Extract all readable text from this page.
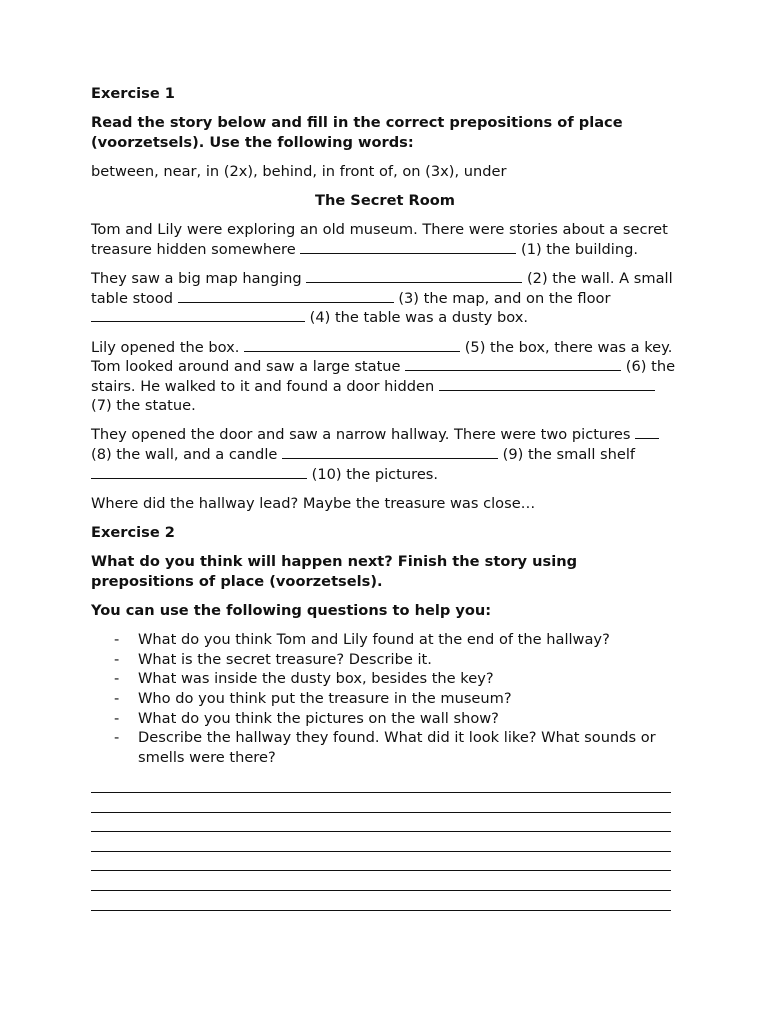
Exercise 1

Read the story below and fill in the correct prepositions of place (voorzetsels). Use the following words:

between, near, in (2x), behind, in front of, on (3x), under

The Secret Room

Tom and Lily were exploring an old museum. There were stories about a secret treasure hidden somewhere	(1) the building.

They saw a big map hanging	(2) the wall. A small table stood	(3) the map, and on the floor (4) the table was a dusty box.

Lily opened the box.	(5) the box, there was a key. Tom looked around and saw a large statue	(6) the stairs. He walked to it and found a door hidden  (7) the statue.

They opened the door and saw a narrow hallway. There were two pictures  (8) the wall, and a candle	(9) the small shelf  (10) the pictures.

Where did the hallway lead? Maybe the treasure was close…

Exercise 2

What do you think will happen next? Finish the story using prepositions of place (voorzetsels).

You can use the following questions to help you:

- What do you think Tom and Lily found at the end of the hallway?
- What is the secret treasure? Describe it.
- What was inside the dusty box, besides the key?
- Who do you think put the treasure in the museum?
- What do you think the pictures on the wall show?
- Describe the hallway they found. What did it look like? What sounds or smells were there?
